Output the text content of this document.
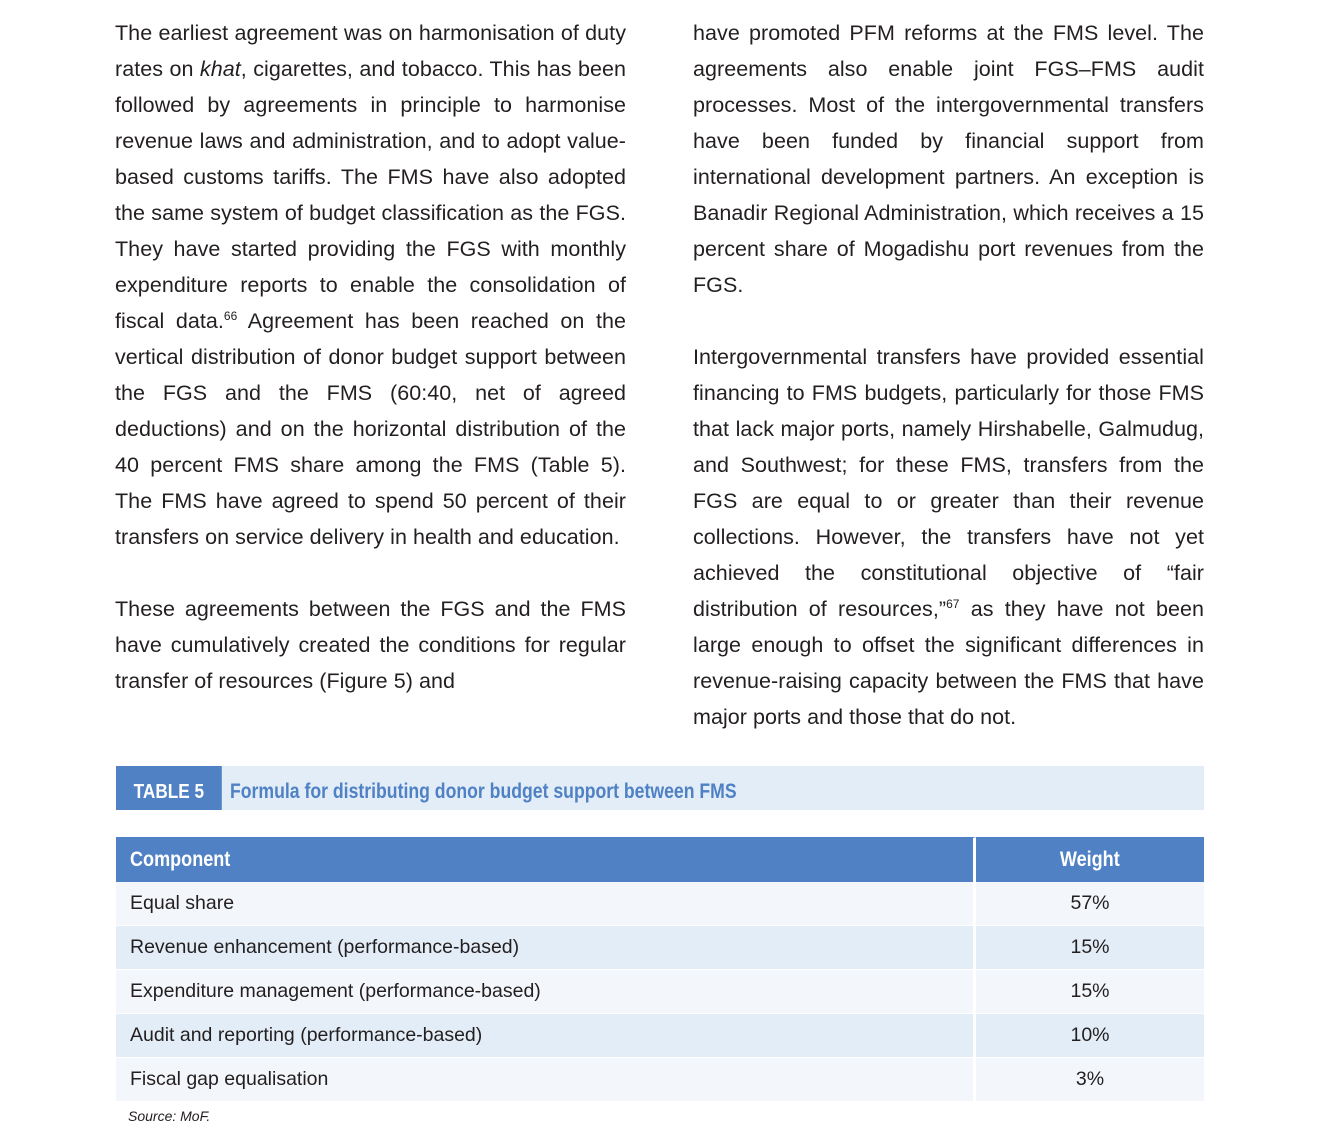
The earliest agreement was on harmonisation of duty rates on khat, cigarettes, and tobacco. This has been followed by agreements in principle to harmonise revenue laws and administration, and to adopt value-based customs tariffs. The FMS have also adopted the same system of budget classification as the FGS. They have started providing the FGS with monthly expenditure reports to enable the consolidation of fiscal data.$^{66}$ Agreement has been reached on the vertical distribution of donor budget support between the FGS and the FMS (60:40, net of agreed deductions) and on the horizontal distribution of the 40 percent FMS share among the FMS (Table 5). The FMS have agreed to spend 50 percent of their transfers on service delivery in health and education.

These agreements between the FGS and the FMS have cumulatively created the conditions for regular transfer of resources (Figure 5) and

have promoted PFM reforms at the FMS level. The agreements also enable joint FGS–FMS audit processes. Most of the intergovernmental transfers have been funded by financial support from international development partners. An exception is Banadir Regional Administration, which receives a 15 percent share of Mogadishu port revenues from the FGS.

Intergovernmental transfers have provided essential financing to FMS budgets, particularly for those FMS that lack major ports, namely Hirshabelle, Galmudug, and Southwest; for these FMS, transfers from the FGS are equal to or greater than their revenue collections. However, the transfers have not yet achieved the constitutional objective of “fair distribution of resources,”$^{67}$ as they have not been large enough to offset the significant differences in revenue-raising capacity between the FMS that have major ports and those that do not.

TABLE 5	Formula for distributing donor budget support between FMS
Component	Weight
Equal share	57%
Revenue enhancement (performance-based)	15%
Expenditure management (performance-based)	15%
Audit and reporting (performance-based)	10%
Fiscal gap equalisation	3%
Source: MoF.
